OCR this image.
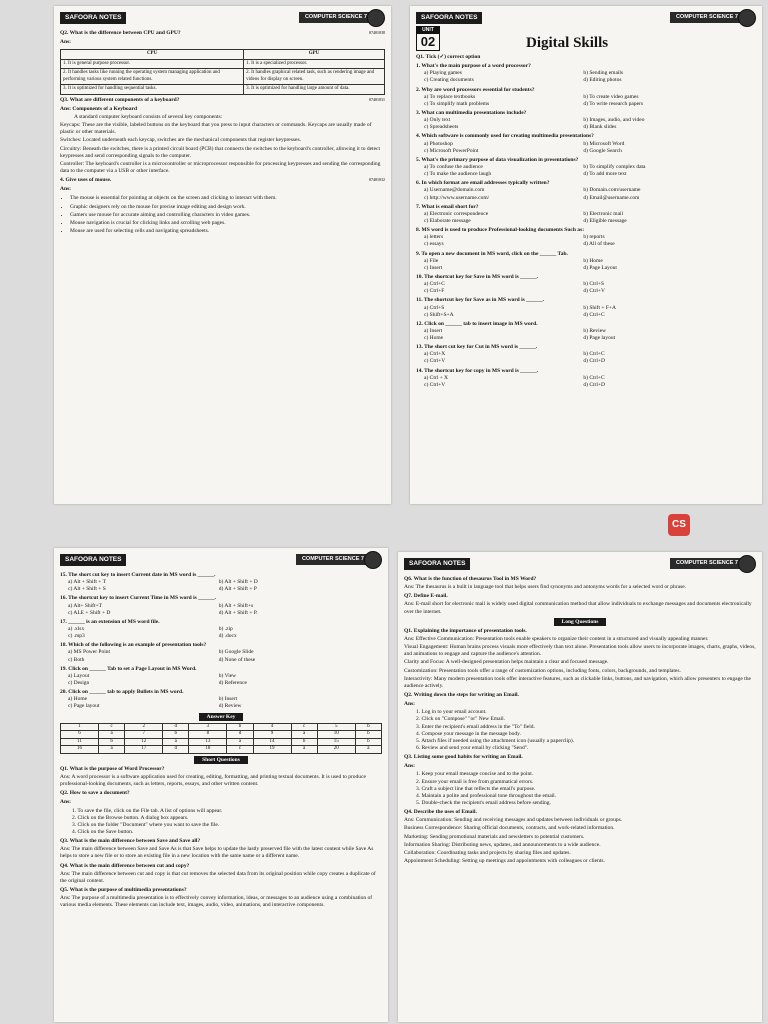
SAFOORA NOTES	COMPUTER SCIENCE 7
07401038
Q2. What is the difference between CPU and GPU?
Ans:
CPU	GPU
1. It is general purpose processor.	1. It is a specialized processor.
2. It handles tasks like running the operating system managing application and performing various system related functions.	2. It handles graphical related task, such as rendering image and videos for display on screen.
3. It is optimized for handling sequential tasks.	3. It is optimized for handling large amount of data.
07401031
Q3. What are different components of a keyboard?
Ans: Components of a Keyboard
A standard computer keyboard consists of several key components:
Keycaps: These are the visible, labeled buttons on the keyboard that you press to input characters or commands. Keycaps are usually made of plastic or other materials.
Switches: Located underneath each keycap, switches are the mechanical components that register keypresses.
Circuitry: Beneath the switches, there is a printed circuit board (PCB) that connects the switches to the keyboard's controller, allowing it to detect keypresses and send corresponding signals to the computer.
Controller: The keyboard's controller is a microcontroller or microprocessor responsible for processing keypresses and sending the corresponding data to the computer via a USB or other interface.
07401032
4. Give uses of mouse.
Ans:
• The mouse is essential for pointing at objects on the screen and clicking to interact with them.
• Graphic designers rely on the mouse for precise image editing and design work.
• Gamers use mouse for accurate aiming and controlling characters in video games.
• Mouse navigation is crucial for clicking links and scrolling web pages.
• Mouse are used for selecting cells and navigating spreadsheets.
SAFOORA NOTES	COMPUTER SCIENCE 7
UNIT
02	Digital Skills
Q1. Tick (✓) correct option
1. What's the main purpose of a word processor?
a) Playing games	b) Sending emails
c) Creating documents	d) Editing photos
2. Why are word processors essential for students?
a) To replace textbooks	b) To create video games
c) To simplify math problems	d) To write research papers
3. What can multimedia presentations include?
a) Only text	b) Images, audio, and video
c) Spreadsheets	d) Blank slides
4. Which software is commonly used for creating multimedia presentations?
a) Photoshop	b) Microsoft Word
c) Microsoft PowerPoint	d) Google Search
5. What's the primary purpose of data visualization in presentations?
a) To confuse the audience	b) To simplify complex data
c) To make the audience laugh	d) To add more text
6. In which format are email addresses typically written?
a) Username@domain.com	b) Domain.com/username
c) http://www.username.com/	d) Email@username.com
7. What is email short for?
a) Electronic correspondence	b) Electronic mail
c) Elaborate message	d) Eligible message
8. MS word is used to produce Professional-looking documents Such as:
a) letters	b) reports
c) essays	d) All of these
9. To open a new document in MS word, click on the ______ Tab.
a) File	b) Home
c) Insert	d) Page Layout
10. The shortcut key for Save in MS word is ______.
a) Ctrl+C	b) Ctrl+S
c) Ctrl+F	d) Ctrl+V
11. The shortcut key for Save as in MS word is ______.
a) Ctrl+S	b) Shift + F+A
c) Shift+S+A	d) Ctrl+C
12. Click on ______ tab to insert image in MS word.
a) Insert	b) Review
c) Home	d) Page layout
13. The short cut key for Cut in MS word is ______.
a) Ctrl+X	b) Ctrl+C
c) Ctrl+V	d) Ctrl+D
14. The shortcut key for copy in MS word is ______.
a) Ctrl + X	b) Ctrl+C
c) Ctrl+V	d) Ctrl+D
SAFOORA NOTES	COMPUTER SCIENCE 7
15. The short cut key to insert Current date in MS word is ______.
a) Alt + Shift + T	b) Alt + Shift + D
c) Alt + Shift + S	d) Alt + Shift + P
16. The shortcut key to insert Current Time in MS word is ______.
a) Alt+ Shift+T	b) Alt + Shift+s
c) ALE + Shift + D	d) Alt + Shift + P.
17. ______ is an extension of MS word file.
a) .xlsx	b) .zip
c) .mp3	d) .docx
18. Which of the following is an example of presentation tools?
a) MS Power Point	b) Google Slide
c) Both	d) None of these
19. Click on ______ Tab to set a Page Layout in MS Word.
a) Layout	b) View
c) Design	d) Reference
20. Click on ______ tab to apply Bullets in MS word.
a) Home	b) Insert
c) Page layout	d) Review
Answer Key
1	c	2	d	3	b	4	c	5	b
6	a	7	b	8	d	9	a	10	b
11	b	12	a	13	a	14	b	15	b
16	a	17	d	18	c	19	a	20	a
Short Questions
Q1. What is the purpose of Word Processor?
Ans: A word processor is a software application used for creating, editing, formatting, and printing textual documents. It is used to produce professional-looking documents, such as letters, reports, essays, and other written content.
Q2. How to save a document?
Ans:
1. To save the file, click on the File tab. A list of options will appear.
2. Click on the Browse button. A dialog box appears.
3. Click on the folder "Document" where you want to save the file.
4. Click on the Save button.
Q3. What is the main difference between Save and Save all?
Ans: The main difference between Save and Save As is that Save helps to update the lastly preserved file with the latest content while Save As helps to store a new file or to store an existing file in a new location with the same name or a different name.
Q4. What is the main difference between cut and copy?
Ans: The main difference between cut and copy is that cut removes the selected data from its original position while copy creates a duplicate of the original content.
Q5. What is the purpose of multimedia presentations?
Ans: The purpose of a multimedia presentation is to effectively convey information, ideas, or messages to an audience using a combination of various media elements. These elements can include text, images, audio, video, animations, and interactive components.
SAFOORA NOTES	COMPUTER SCIENCE 7
Q6. What is the function of thesaurus Tool in MS Word?
Ans: The thesaurus is a built in language tool that helps users find synonyms and antonyms words for a selected word or phrase.
Q7. Define E-mail.
Ans: E-mail short for electronic mail is widely used digital communication method that allow individuals to exchange messages and documents electronically over the internet.
Long Questions
Q1. Explaining the importance of presentation tools.
Ans: Effective Communication: Presentation tools enable speakers to organize their content in a structured and visually appealing manner.
Visual Engagement: Human brains process visuals more effectively than text alone. Presentation tools allow users to incorporate images, charts, graphs, videos, and animations to engage and capture the audience's attention.
Clarity and Focus: A well-designed presentation helps maintain a clear and focused message.
Customization: Presentation tools offer a range of customization options, including fonts, colors, backgrounds, and templates.
Interactivity: Many modern presentation tools offer interactive features, such as clickable links, buttons, and navigation, which allow presenters to engage the audience actively.
Q2. Writing down the steps for writing an Email.
Ans:
1. Log in to your email account.
2. Click on "Compose" "or" New Email.
3. Enter the recipient's email address in the "To" field.
4. Compose your message in the message body.
5. Attach files if needed using the attachment icon (usually a paperclip).
6. Review and send your email by clicking "Send".
Q3. Listing some good habits for writing an Email.
Ans:
1. Keep your email message concise and to the point.
2. Ensure your email is free from grammatical errors.
3. Craft a subject line that reflects the email's purpose.
4. Maintain a polite and professional tone throughout the email.
5. Double-check the recipient's email address before sending.
Q4. Describe the uses of Email.
Ans: Communication: Sending and receiving messages and updates between individuals or groups.
Business Correspondence: Sharing official documents, contracts, and work-related information.
Marketing: Sending promotional materials and newsletters to potential customers.
Information Sharing: Distributing news, updates, and announcements to a wide audience.
Collaboration: Coordinating tasks and projects by sharing files and updates.
Appointment Scheduling: Setting up meetings and appointments with colleagues or clients.
CS
